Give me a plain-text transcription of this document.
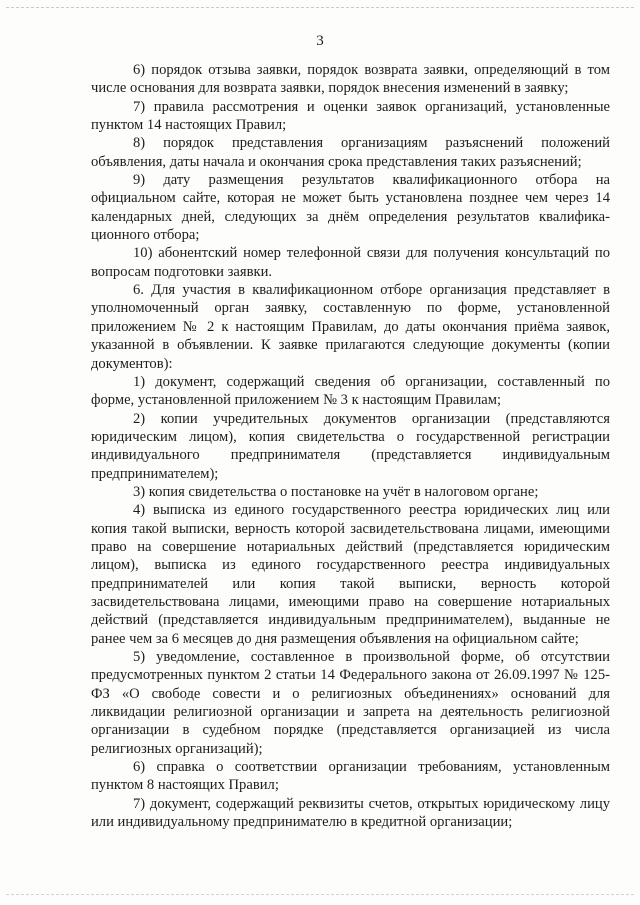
3

6) порядок отзыва заявки, порядок возврата заявки, определяющий в том числе основания для возврата заявки, порядок внесения изменений в заявку;

7) правила рассмотрения и оценки заявок организаций, установленные пунктом 14 настоящих Правил;

8) порядок представления организациям разъяснений положений объявления, даты начала и окончания срока представления таких разъяснений;

9) дату размещения результатов квалификационного отбора на официальном сайте, которая не может быть установлена позднее чем через 14 календарных дней, следующих за днём определения результатов квалифика-ционного отбора;

10) абонентский номер телефонной связи для получения консультаций по вопросам подготовки заявки.

6. Для участия в квалификационном отборе организация представляет в уполномоченный орган заявку, составленную по форме, установленной приложением № 2 к настоящим Правилам, до даты окончания приёма заявок, указанной в объявлении. К заявке прилагаются следующие документы (копии документов):

1) документ, содержащий сведения об организации, составленный по форме, установленной приложением № 3 к настоящим Правилам;

2) копии учредительных документов организации (представляются юридическим лицом), копия свидетельства о государственной регистрации индивидуального предпринимателя (представляется индивидуальным предпринимателем);

3) копия свидетельства о постановке на учёт в налоговом органе;

4) выписка из единого государственного реестра юридических лиц или копия такой выписки, верность которой засвидетельствована лицами, имеющими право на совершение нотариальных действий (представляется юридическим лицом), выписка из единого государственного реестра индивидуальных предпринимателей или копия такой выписки, верность которой засвидетельствована лицами, имеющими право на совершение нотариальных действий (представляется индивидуальным предпринимателем), выданные не ранее чем за 6 месяцев до дня размещения объявления на официальном сайте;

5) уведомление, составленное в произвольной форме, об отсутствии предусмотренных пунктом 2 статьи 14 Федерального закона от 26.09.1997 № 125-ФЗ «О свободе совести и о религиозных объединениях» оснований для ликвидации религиозной организации и запрета на деятельность религиозной организации в судебном порядке (представляется организацией из числа религиозных организаций);

6) справка о соответствии организации требованиям, установленным пунктом 8 настоящих Правил;

7) документ, содержащий реквизиты счетов, открытых юридическому лицу или индивидуальному предпринимателю в кредитной организации;
